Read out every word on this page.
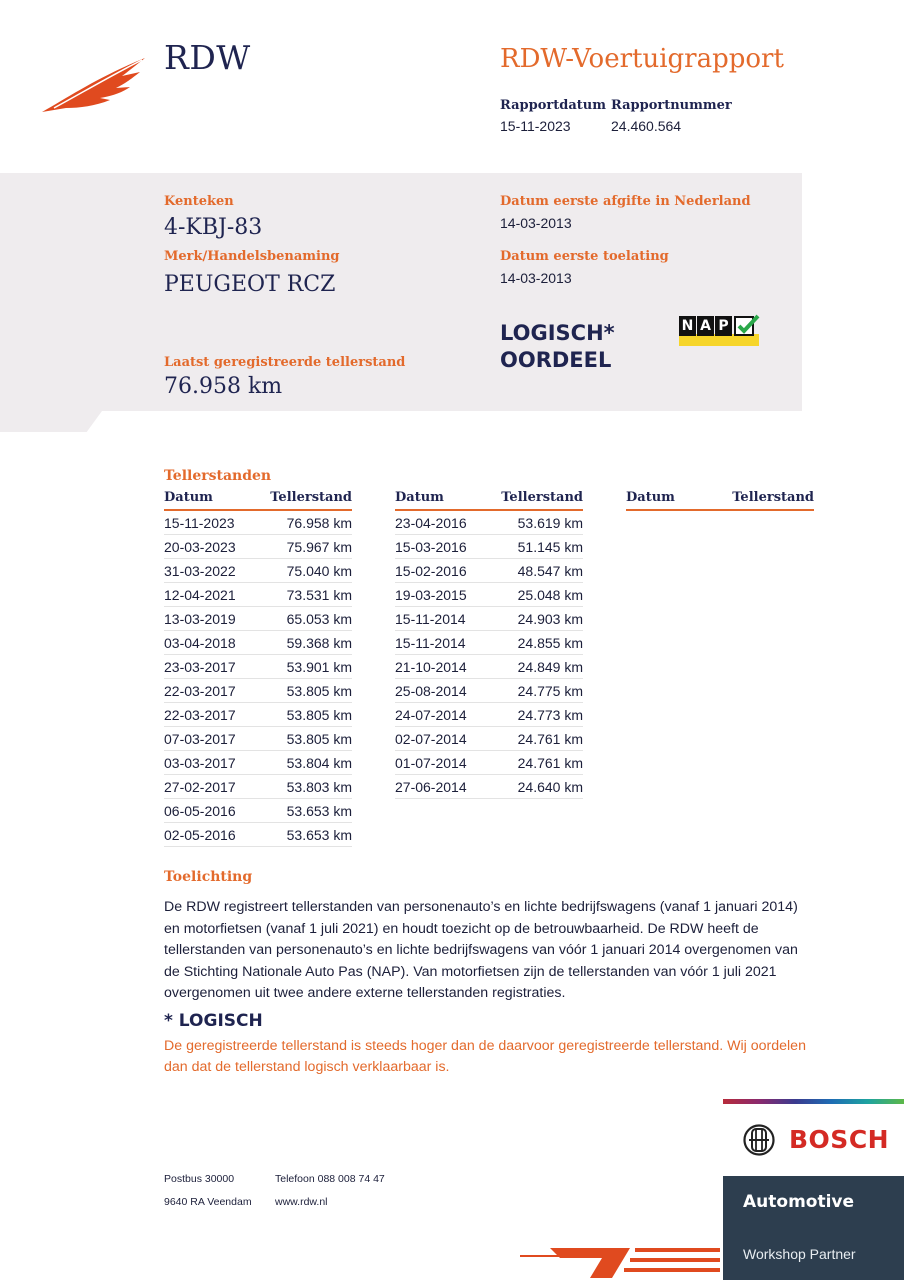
RDW	RDW-Voertuigrapport
Rapportdatum
15-11-2023
Rapportnummer
24.460.564
Kenteken
4-KBJ-83
Merk/Handelsbenaming
PEUGEOT RCZ
Laatst geregistreerde tellerstand
76.958 km
Datum eerste afgifte in Nederland
14-03-2013
Datum eerste toelating
14-03-2013
LOGISCH*
OORDEEL
N A P
Tellerstanden
Datum	Tellerstand
15-11-2023	76.958 km
20-03-2023	75.967 km
31-03-2022	75.040 km
12-04-2021	73.531 km
13-03-2019	65.053 km
03-04-2018	59.368 km
23-03-2017	53.901 km
22-03-2017	53.805 km
22-03-2017	53.805 km
07-03-2017	53.805 km
03-03-2017	53.804 km
27-02-2017	53.803 km
06-05-2016	53.653 km
02-05-2016	53.653 km
Datum	Tellerstand
23-04-2016	53.619 km
15-03-2016	51.145 km
15-02-2016	48.547 km
19-03-2015	25.048 km
15-11-2014	24.903 km
15-11-2014	24.855 km
21-10-2014	24.849 km
25-08-2014	24.775 km
24-07-2014	24.773 km
02-07-2014	24.761 km
01-07-2014	24.761 km
27-06-2014	24.640 km
Datum	Tellerstand
Toelichting
De RDW registreert tellerstanden van personenauto’s en lichte bedrijfswagens (vanaf 1 januari 2014) en motorfietsen (vanaf 1 juli 2021) en houdt toezicht op de betrouwbaarheid. De RDW heeft de tellerstanden van personenauto’s en lichte bedrijfswagens van vóór 1 januari 2014 overgenomen van de Stichting Nationale Auto Pas (NAP). Van motorfietsen zijn de tellerstanden van vóór 1 juli 2021 overgenomen uit twee andere externe tellerstanden registraties.
* LOGISCH
De geregistreerde tellerstand is steeds hoger dan de daarvoor geregistreerde tellerstand. Wij oordelen dan dat de tellerstand logisch verklaarbaar is.
Postbus 30000
9640 RA Veendam
Telefoon 088 008 74 47
www.rdw.nl
BOSCH
Automotive
Workshop Partner
